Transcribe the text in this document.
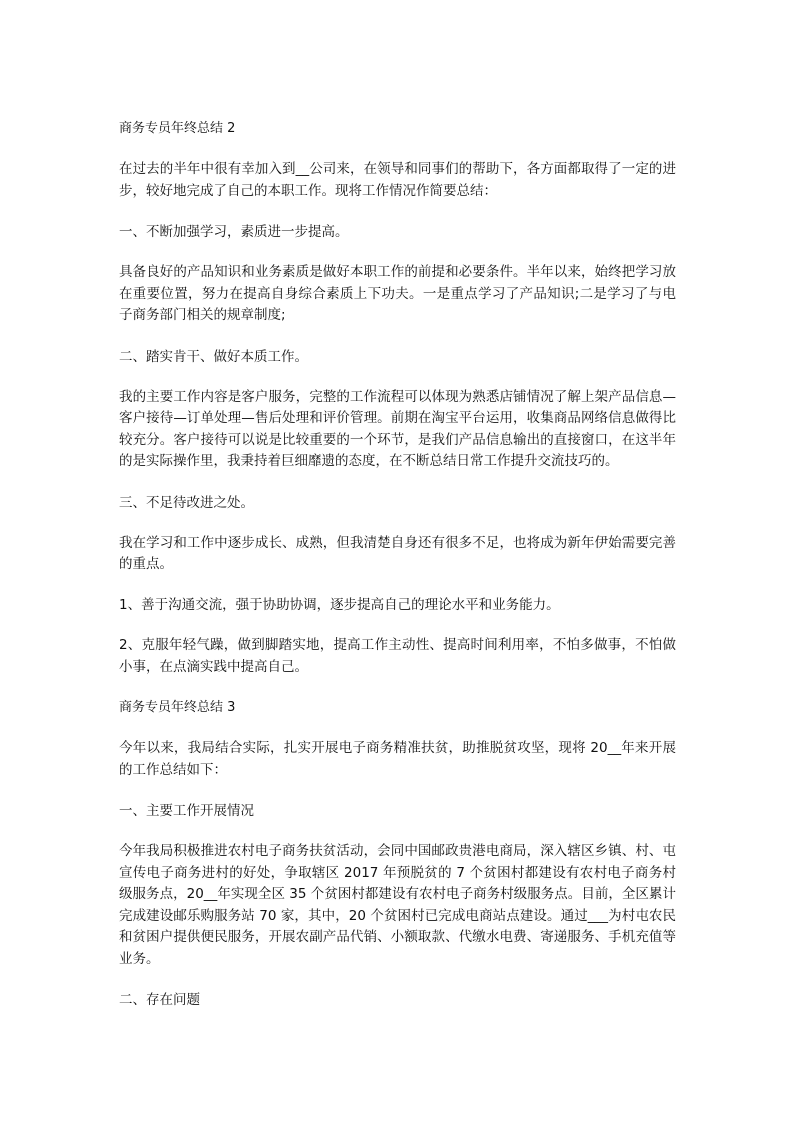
商务专员年终总结 2
在过去的半年中很有幸加入到__公司来，在领导和同事们的帮助下，各方面都取得了一定的进步，较好地完成了自己的本职工作。现将工作情况作简要总结：
一、不断加强学习，素质进一步提高。
具备良好的产品知识和业务素质是做好本职工作的前提和必要条件。半年以来，始终把学习放在重要位置，努力在提高自身综合素质上下功夫。一是重点学习了产品知识;二是学习了与电子商务部门相关的规章制度;
二、踏实肯干、做好本质工作。
我的主要工作内容是客户服务，完整的工作流程可以体现为熟悉店铺情况了解上架产品信息—客户接待—订单处理—售后处理和评价管理。前期在淘宝平台运用，收集商品网络信息做得比较充分。客户接待可以说是比较重要的一个环节，是我们产品信息输出的直接窗口，在这半年的是实际操作里，我秉持着巨细靡遗的态度，在不断总结日常工作提升交流技巧的。
三、不足待改进之处。
我在学习和工作中逐步成长、成熟，但我清楚自身还有很多不足，也将成为新年伊始需要完善的重点。
1、善于沟通交流，强于协助协调，逐步提高自己的理论水平和业务能力。
2、克服年轻气躁，做到脚踏实地，提高工作主动性、提高时间利用率，不怕多做事，不怕做小事，在点滴实践中提高自己。
商务专员年终总结 3
今年以来，我局结合实际，扎实开展电子商务精准扶贫，助推脱贫攻坚，现将 20__年来开展的工作总结如下：
一、主要工作开展情况
今年我局积极推进农村电子商务扶贫活动，会同中国邮政贵港电商局，深入辖区乡镇、村、屯宣传电子商务进村的好处，争取辖区 2017 年预脱贫的 7 个贫困村都建设有农村电子商务村级服务点，20__年实现全区 35 个贫困村都建设有农村电子商务村级服务点。目前，全区累计完成建设邮乐购服务站 70 家，其中，20 个贫困村已完成电商站点建设。通过___为村屯农民和贫困户提供便民服务，开展农副产品代销、小额取款、代缴水电费、寄递服务、手机充值等业务。
二、存在问题
